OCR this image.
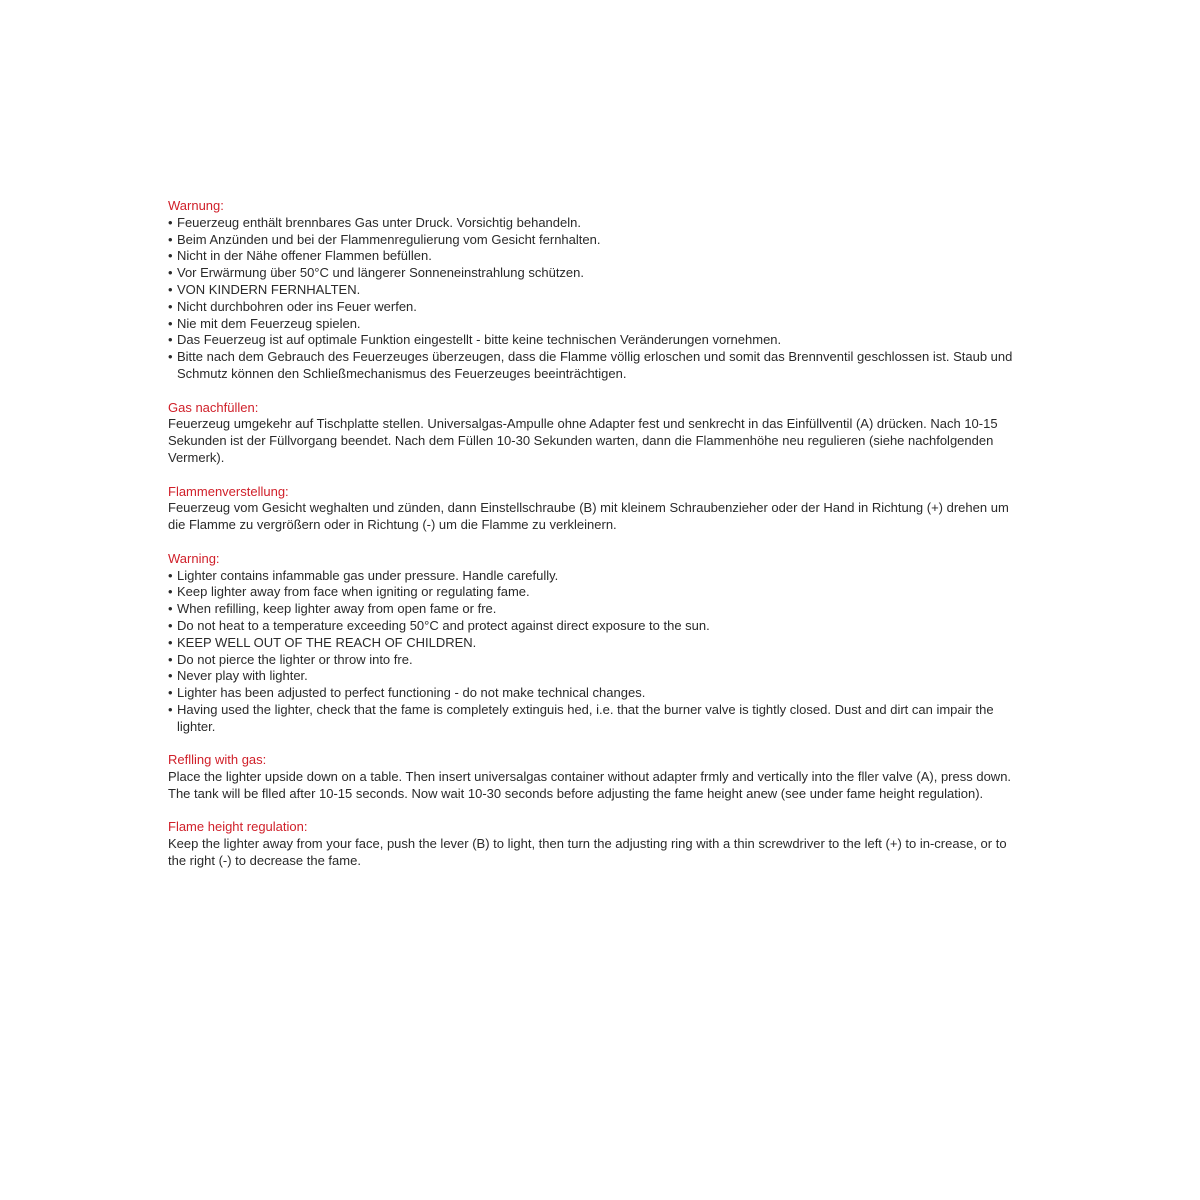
Warnung:
• Feuerzeug enthält brennbares Gas unter Druck. Vorsichtig behandeln.
• Beim Anzünden und bei der Flammenregulierung vom Gesicht fernhalten.
• Nicht in der Nähe offener Flammen befüllen.
• Vor Erwärmung über 50°C und längerer Sonneneinstrahlung schützen.
• VON KINDERN FERNHALTEN.
• Nicht durchbohren oder ins Feuer werfen.
• Nie mit dem Feuerzeug spielen.
• Das Feuerzeug ist auf optimale Funktion eingestellt - bitte keine technischen Veränderungen vornehmen.
• Bitte nach dem Gebrauch des Feuerzeuges überzeugen, dass die Flamme völlig erloschen und somit das Brennventil geschlossen ist. Staub und Schmutz können den Schließmechanismus des Feuerzeuges beeinträchtigen.
Gas nachfüllen:

Feuerzeug umgekehr auf Tischplatte stellen. Universalgas-Ampulle ohne Adapter fest und senkrecht in das Einfüllventil (A) drücken. Nach 10-15 Sekunden ist der Füllvorgang beendet. Nach dem Füllen 10-30 Sekunden warten, dann die Flammenhöhe neu regulieren (siehe nachfolgenden Vermerk).

Flammenverstellung:

Feuerzeug vom Gesicht weghalten und zünden, dann Einstellschraube (B) mit kleinem Schraubenzieher oder der Hand in Richtung (+) drehen um die Flamme zu vergrößern oder in Richtung (-) um die Flamme zu verkleinern.

Warning:
• Lighter contains infammable gas under pressure. Handle carefully.
• Keep lighter away from face when igniting or regulating fame.
• When refilling, keep lighter away from open fame or fre.
• Do not heat to a temperature exceeding 50°C and protect against direct exposure to the sun.
• KEEP WELL OUT OF THE REACH OF CHILDREN.
• Do not pierce the lighter or throw into fre.
• Never play with lighter.
• Lighter has been adjusted to perfect functioning - do not make technical changes.
• Having used the lighter, check that the fame is completely extinguis hed, i.e. that the burner valve is tightly closed. Dust and dirt can impair the lighter.
Reflling with gas:

Place the lighter upside down on a table. Then insert universalgas container without adapter frmly and vertically into the fller valve (A), press down. The tank will be flled after 10-15 seconds. Now wait 10-30 seconds before adjusting the fame height anew (see under fame height regulation).

Flame height regulation:

Keep the lighter away from your face, push the lever (B) to light, then turn the adjusting ring with a thin screwdriver to the left (+) to in-crease, or to the right (-) to decrease the fame.
